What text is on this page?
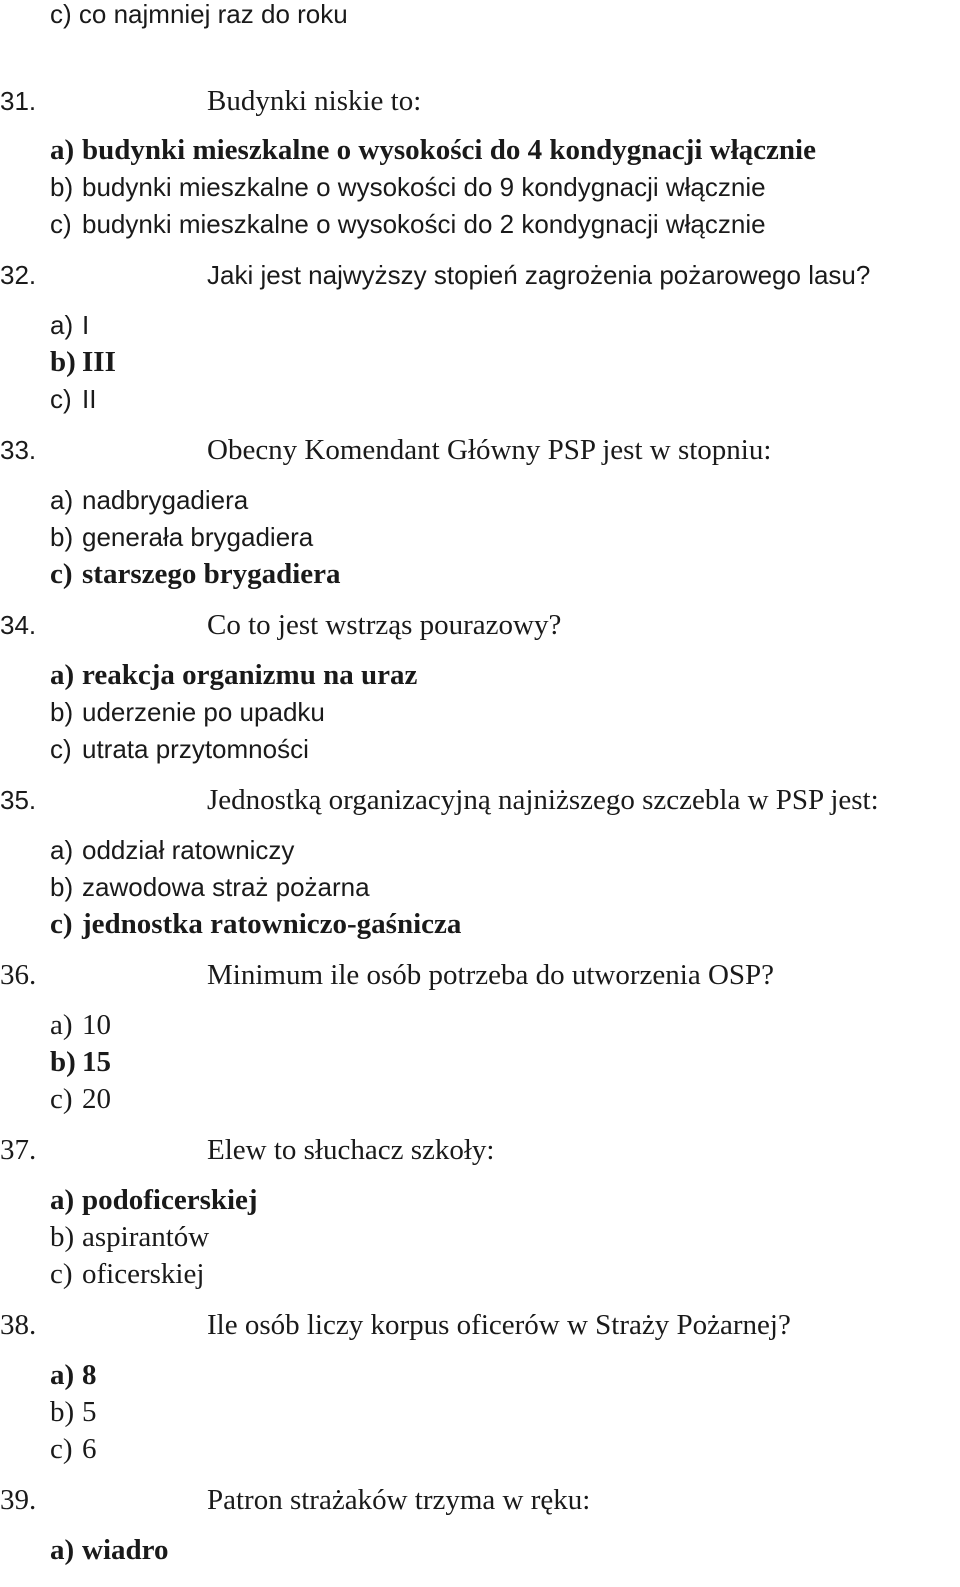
c) co najmniej raz do roku
31.	Budynki niskie to:
a) budynki mieszkalne o wysokości do 4 kondygnacji włącznie
b) budynki mieszkalne o wysokości do 9 kondygnacji włącznie
c) budynki mieszkalne o wysokości do 2 kondygnacji włącznie
32.	Jaki jest najwyższy stopień zagrożenia pożarowego lasu?
a) I
b) III
c) II
33.	Obecny Komendant Główny PSP jest w stopniu:
a) nadbrygadiera
b) generała brygadiera
c) starszego brygadiera
34.	Co to jest wstrząs pourazowy?
a) reakcja organizmu na uraz
b) uderzenie po upadku
c) utrata przytomności
35.	Jednostką organizacyjną najniższego szczebla w PSP jest:
a) oddział ratowniczy
b) zawodowa straż pożarna
c) jednostka ratowniczo-gaśnicza
36.	Minimum ile osób potrzeba do utworzenia OSP?
a) 10
b) 15
c) 20
37.	Elew to słuchacz szkoły:
a) podoficerskiej
b) aspirantów
c) oficerskiej
38.	Ile osób liczy korpus oficerów w Straży Pożarnej?
a) 8
b) 5
c) 6
39.	Patron strażaków trzyma w ręku:
a) wiadro
